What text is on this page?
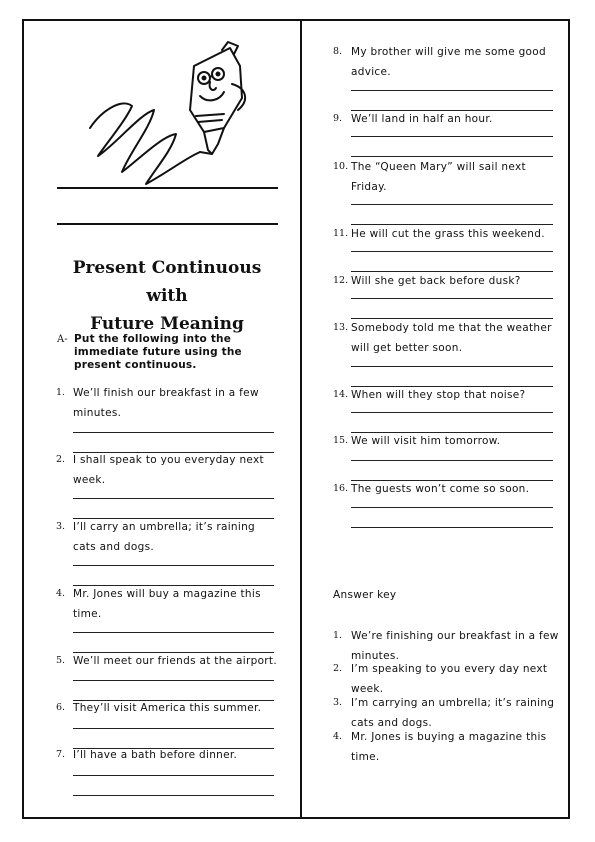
Present Continuous with
Future Meaning
A- Put the following into the
immediate future using the
present continuous.
1. We’ll finish our breakfast in a few
minutes.
2. I shall speak to you everyday next
week.
3. I’ll carry an umbrella; it’s raining
cats and dogs.
4. Mr. Jones will buy a magazine this
time.
5. We’ll meet our friends at the airport.
6. They’ll visit America this summer.
7. I’ll have a bath before dinner.
8. My brother will give me some good
advice.
9. We’ll land in half an hour.
10. The “Queen Mary” will sail next
Friday.
11. He will cut the grass this weekend.
12. Will she get back before dusk?
13. Somebody told me that the weather
will get better soon.
14. When will they stop that noise?
15. We will visit him tomorrow.
16. The guests won’t come so soon.
Answer key
1. We’re finishing our breakfast in a few
minutes.
2. I’m speaking to you every day next
week.
3. I’m carrying an umbrella; it’s raining
cats and dogs.
4. Mr. Jones is buying a magazine this
time.
